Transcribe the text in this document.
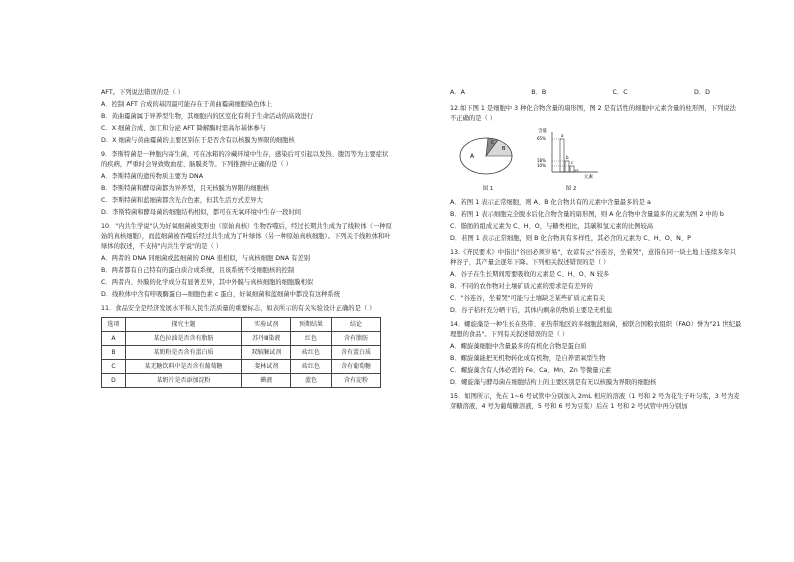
AFT。下列说法错误的是（ ）

A．控制 AFT 合成的基因最可能存在于黄曲霉菌细胞染色体上

B．黄曲霉菌属于异养型生物，其细胞内的区室化有利于生命活动的高效进行

C．X 细菌合成、加工和分泌 AFT 降解酶时需高尔基体参与

D．X 细菌与黄曲霉菌的主要区别在于是否含有以核膜为界限的细胞核

9．李斯特菌是一种胞内寄生菌，可在冰箱的冷藏环境中生存，感染后可引起以发热、腹泻等为主要症状的疾病，严重时会导致败血症、脑膜炎等。下列推测中正确的是（ ）

A．李斯特菌的遗传物质主要为 DNA

B．李斯特菌和酵母菌都为异养型，且无核膜为界限的细胞核

C．李斯特菌和蓝细菌都含光合色素，但其生活方式差异大

D．李斯特菌和酵母菌的细胞结构相似，都可在无氧环境中生存一段时间

10．"内共生学说"认为好氧细菌被变形虫（原始真核）生物吞噬后，经过长期共生成为了线粒体（一种原始的真核细胞），而蓝细菌被吞噬后经过共生成为了叶绿体（另一种原始真核细胞）。下列关于线粒体和叶绿体的叙述，不支持"内共生学说"的是（ ）

A．两者的 DNA 同细菌或蓝细菌的 DNA 很相似，与真核细胞 DNA 有差别

B．两者都有自己特有的蛋白质合成系统，且该系统不受细胞核的控制

C．两者内、外膜的化学成分有显著差异，其中外膜与真核细胞的细胞膜相似

D．线粒体中含有呼吸酶蛋白—细胞色素 c 蛋白，好氧细菌和蓝细菌中都没有这种系统

11．食品安全是经济发展水平和人民生活质量的重要标志，如表所示的有关实验设计正确的是（ ）

选项	探究主题	实验试剂	预期结果	结论
A	某色拉油是否含有脂肪	苏丹Ⅲ染液	红色	含有脂肪
B	某奶粉是否含有蛋白质	双缩脲试剂	砖红色	含有蛋白质
C	某无糖饮料中是否含有葡萄糖	斐林试剂	砖红色	含有葡萄糖
D	某奶片是否添加淀粉	碘液	蓝色	含有淀粉
A．A	B．B	C．C	D．D

12.如下图 1 是细胞中 3 种化合物含量的扇形图，图 2 是有活性的细胞中元素含量的柱形图，下列说法不正确的是（ ）

A
B
C
图 1
含量
65%
18%
10%
a
b
c
元素
图 2

A．若图 1 表示正常细胞，则 A、B 化合物共有的元素中含量最多的是 a

B．若图 1 表示细胞完全脱水后化合物含量的扇形图，则 A 化合物中含量最多的元素为图 2 中的 b

C．脂肪的组成元素为 C、H、O，与糖类相比，其碳和氢元素的比例较高

D．若图 1 表示正常细胞，则 B 化合物具有多样性，其必含的元素为 C、H、O、N、P

13.《齐民要术》中指出"谷田必须岁易"，农谚有云"谷连谷，坐着哭"，意指在同一块土地上连续多年只种谷子，其产量会逐年下降。下列相关叙述错误的是（ ）

A．谷子在生长期间需要吸收的元素是 C、H、O、N 较多

B．不同的农作物对土壤矿质元素的需求是有差异的

C．"谷连谷，坐着哭"可能与土壤缺乏某些矿质元素有关

D．谷子秸秆充分晒干后，其体内剩余的物质主要是无机盐

14．螺旋藻是一种生长在热带、亚热带地区的多细胞蓝细菌，被联合国粮农组织（FAO）誉为"21 世纪最理想的食品"。下列有关叙述错误的是（ ）

A．螺旋藻细胞中含量最多的有机化合物是蛋白质

B．螺旋藻能把无机物转化成有机物，是自养需氧型生物

C．螺旋藻含有人体必需的 Fe、Ca、Mn、Zn 等微量元素

D．螺旋藻与酵母菌在细胞结构上的主要区别是有无以核膜为界限的细胞核

15．如图所示，先在 1~6 号试管中分别加入 2mL 相应的溶液（1 号和 2 号为花生子叶匀浆，3 号为麦芽糖溶液，4 号为葡萄糖溶液，5 号和 6 号为豆浆）后在 1 号和 2 号试管中再分别加
